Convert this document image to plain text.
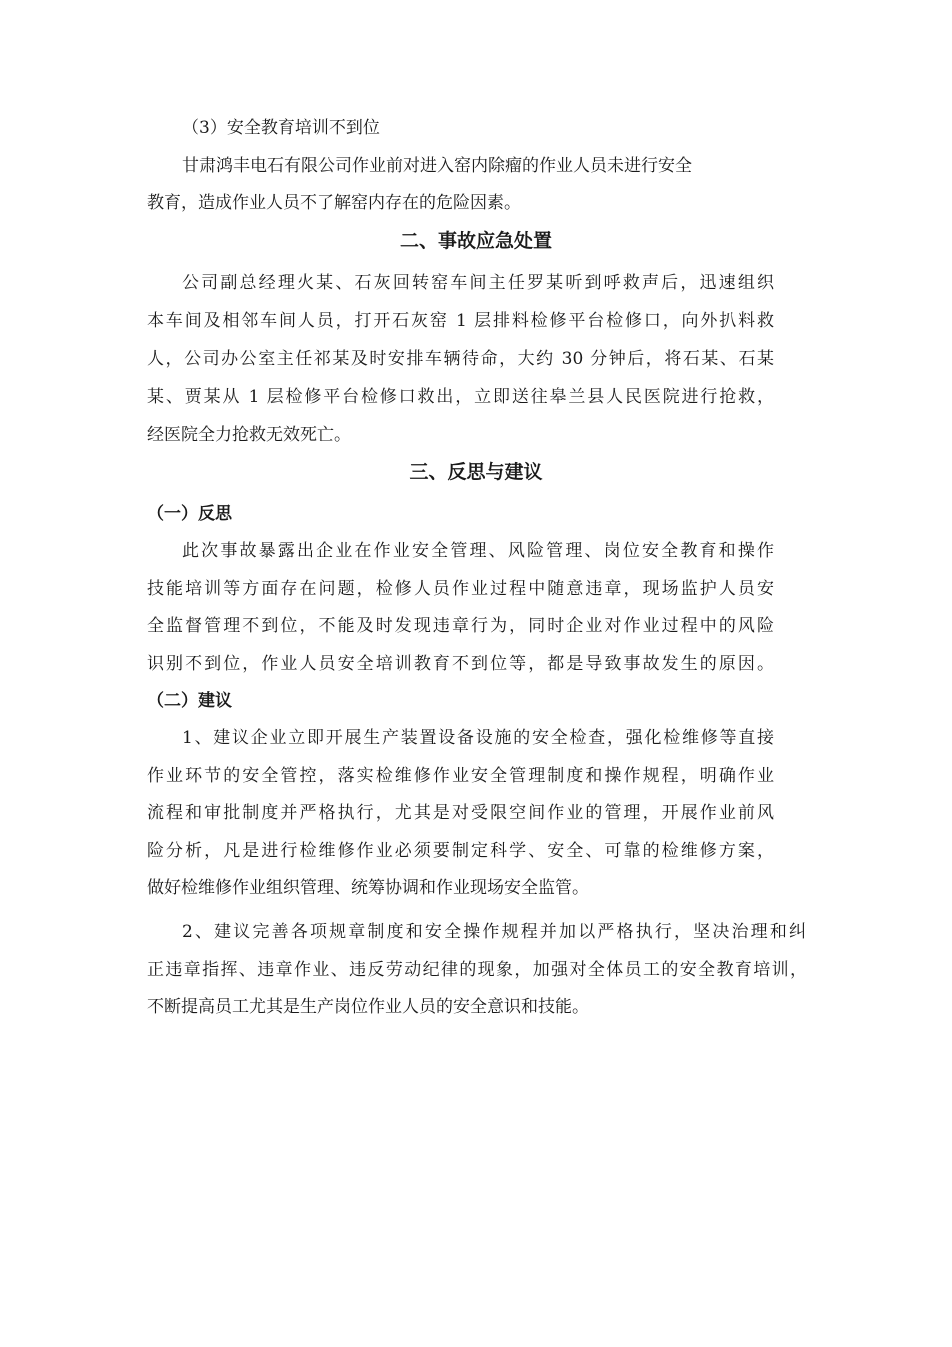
（3）安全教育培训不到位
甘肃鸿丰电石有限公司作业前对进入窑内除瘤的作业人员未进行安全
教育，造成作业人员不了解窑内存在的危险因素。
二、事故应急处置
公司副总经理火某、石灰回转窑车间主任罗某听到呼救声后，迅速组织
本车间及相邻车间人员，打开石灰窑 1 层排料检修平台检修口，向外扒料救
人，公司办公室主任祁某及时安排车辆待命，大约 30 分钟后，将石某、石某
某、贾某从 1 层检修平台检修口救出，立即送往皋兰县人民医院进行抢救，
经医院全力抢救无效死亡。
三、反思与建议
（一）反思
此次事故暴露出企业在作业安全管理、风险管理、岗位安全教育和操作
技能培训等方面存在问题，检修人员作业过程中随意违章，现场监护人员安
全监督管理不到位，不能及时发现违章行为，同时企业对作业过程中的风险
识别不到位，作业人员安全培训教育不到位等，都是导致事故发生的原因。
（二）建议
1、建议企业立即开展生产装置设备设施的安全检查，强化检维修等直接
作业环节的安全管控，落实检维修作业安全管理制度和操作规程，明确作业
流程和审批制度并严格执行，尤其是对受限空间作业的管理，开展作业前风
险分析，凡是进行检维修作业必须要制定科学、安全、可靠的检维修方案，
做好检维修作业组织管理、统筹协调和作业现场安全监管。
2、建议完善各项规章制度和安全操作规程并加以严格执行，坚决治理和纠
正违章指挥、违章作业、违反劳动纪律的现象，加强对全体员工的安全教育培训，
不断提高员工尤其是生产岗位作业人员的安全意识和技能。
